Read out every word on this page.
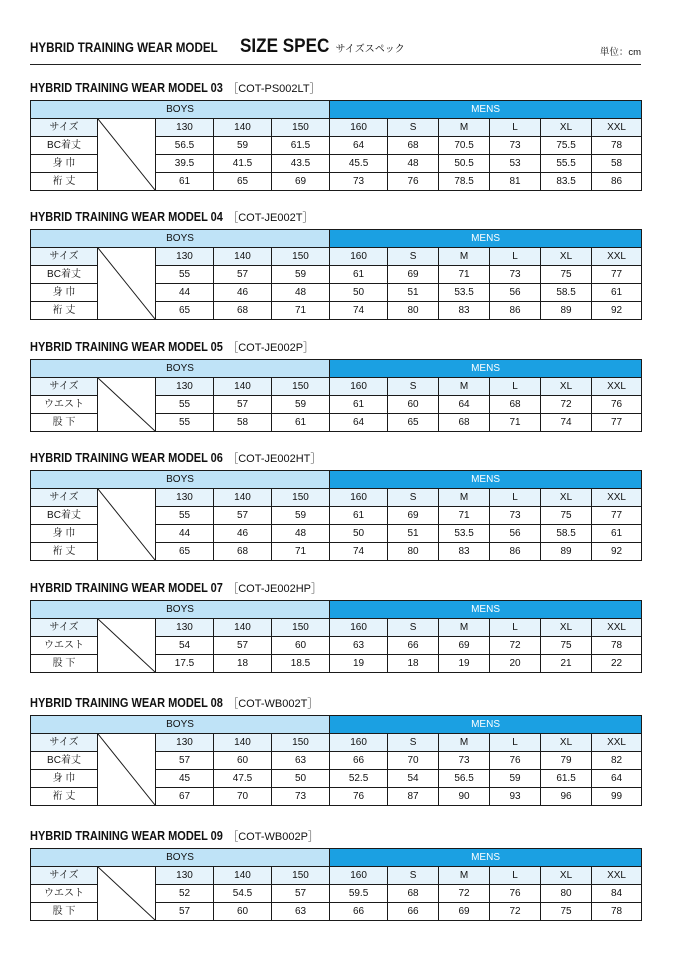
HYBRID TRAINING WEAR MODEL SIZE SPEC サイズスペック	単位：cm
HYBRID TRAINING WEAR MODEL 03 ［COT-PS002LT］
BOYS					MENS					
サイズ		130	140	150	160	S	M	L	XL	XXL
BC着丈		56.5	59	61.5	64	68	70.5	73	75.5	78
身 巾		39.5	41.5	43.5	45.5	48	50.5	53	55.5	58
裄 丈		61	65	69	73	76	78.5	81	83.5	86
HYBRID TRAINING WEAR MODEL 04 ［COT-JE002T］
BOYS					MENS					
サイズ		130	140	150	160	S	M	L	XL	XXL
BC着丈		55	57	59	61	69	71	73	75	77
身 巾		44	46	48	50	51	53.5	56	58.5	61
裄 丈		65	68	71	74	80	83	86	89	92
HYBRID TRAINING WEAR MODEL 05 ［COT-JE002P］
BOYS					MENS					
サイズ		130	140	150	160	S	M	L	XL	XXL
ウエスト		55	57	59	61	60	64	68	72	76
股 下		55	58	61	64	65	68	71	74	77
HYBRID TRAINING WEAR MODEL 06 ［COT-JE002HT］
BOYS					MENS					
サイズ		130	140	150	160	S	M	L	XL	XXL
BC着丈		55	57	59	61	69	71	73	75	77
身 巾		44	46	48	50	51	53.5	56	58.5	61
裄 丈		65	68	71	74	80	83	86	89	92
HYBRID TRAINING WEAR MODEL 07 ［COT-JE002HP］
BOYS					MENS					
サイズ		130	140	150	160	S	M	L	XL	XXL
ウエスト		54	57	60	63	66	69	72	75	78
股 下		17.5	18	18.5	19	18	19	20	21	22
HYBRID TRAINING WEAR MODEL 08 ［COT-WB002T］
BOYS					MENS					
サイズ		130	140	150	160	S	M	L	XL	XXL
BC着丈		57	60	63	66	70	73	76	79	82
身 巾		45	47.5	50	52.5	54	56.5	59	61.5	64
裄 丈		67	70	73	76	87	90	93	96	99
HYBRID TRAINING WEAR MODEL 09 ［COT-WB002P］
BOYS					MENS					
サイズ		130	140	150	160	S	M	L	XL	XXL
ウエスト		52	54.5	57	59.5	68	72	76	80	84
股 下		57	60	63	66	66	69	72	75	78
